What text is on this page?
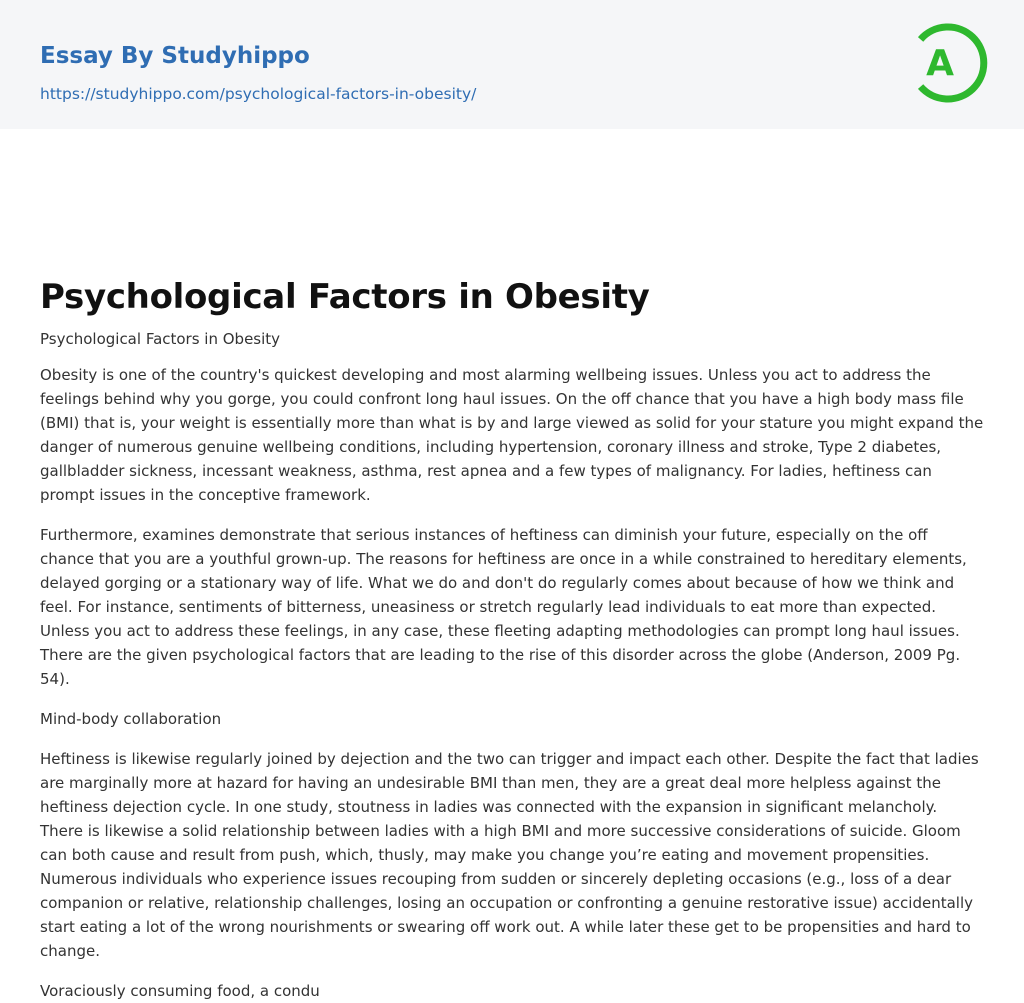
Essay By Studyhippo
https://studyhippo.com/psychological-factors-in-obesity/
A
Psychological Factors in Obesity

Psychological Factors in Obesity

Obesity is one of the country's quickest developing and most alarming wellbeing issues. Unless you act to address the feelings behind why you gorge, you could confront long haul issues. On the off chance that you have a high body mass file (BMI) that is, your weight is essentially more than what is by and large viewed as solid for your stature you might expand the danger of numerous genuine wellbeing conditions, including hypertension, coronary illness and stroke, Type 2 diabetes, gallbladder sickness, incessant weakness, asthma, rest apnea and a few types of malignancy. For ladies, heftiness can prompt issues in the conceptive framework.

Furthermore, examines demonstrate that serious instances of heftiness can diminish your future, especially on the off chance that you are a youthful grown-up. The reasons for heftiness are once in a while constrained to hereditary elements, delayed gorging or a stationary way of life. What we do and don't do regularly comes about because of how we think and feel. For instance, sentiments of bitterness, uneasiness or stretch regularly lead individuals to eat more than expected. Unless you act to address these feelings, in any case, these fleeting adapting methodologies can prompt long haul issues. There are the given psychological factors that are leading to the rise of this disorder across the globe (Anderson, 2009 Pg. 54).

Mind-body collaboration

Heftiness is likewise regularly joined by dejection and the two can trigger and impact each other. Despite the fact that ladies are marginally more at hazard for having an undesirable BMI than men, they are a great deal more helpless against the heftiness dejection cycle. In one study, stoutness in ladies was connected with the expansion in significant melancholy. There is likewise a solid relationship between ladies with a high BMI and more successive considerations of suicide. Gloom can both cause and result from push, which, thusly, may make you change you’re eating and movement propensities. Numerous individuals who experience issues recouping from sudden or sincerely depleting occasions (e.g., loss of a dear companion or relative, relationship challenges, losing an occupation or confronting a genuine restorative issue) accidentally start eating a lot of the wrong nourishments or swearing off work out. A while later these get to be propensities and hard to change.

Voraciously consuming food, a condu
